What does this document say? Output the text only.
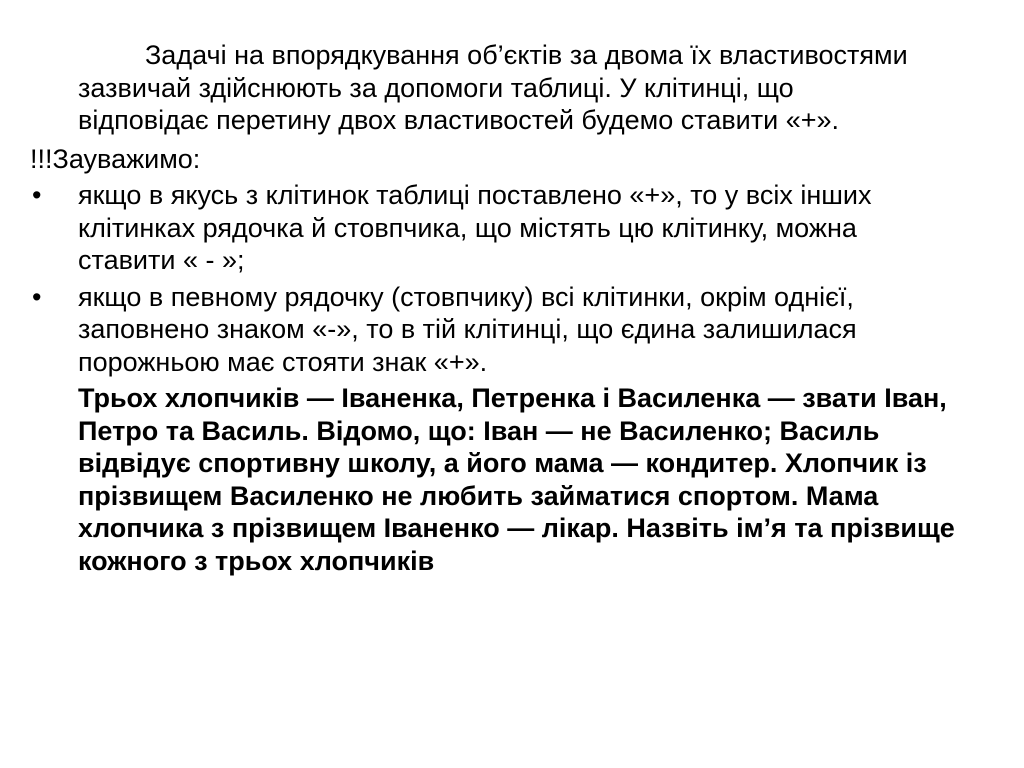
Задачі на впорядкування об’єктів за двома їх властивостями зазвичай здійснюють за допомоги таблиці. У клітинці, що відповідає перетину двох властивостей будемо ставити «+».

!!!Зауважимо:

• якщо в якусь з клітинок таблиці поставлено «+», то у всіх інших клітинках рядочка й стовпчика, що містять цю клітинку, можна ставити « - »;
• якщо в певному рядочку (стовпчику) всі клітинки, окрім однієї, заповнено знаком «-», то в тій клітинці, що єдина залишилася порожньою має стояти знак «+».

Трьох хлопчиків — Іваненка, Петренка і Василенка — звати Іван, Петро та Василь. Відомо, що: Іван — не Василенко; Василь відвідує спортивну школу, а його мама — кондитер. Хлопчик із прізвищем Василенко не любить займатися спортом. Мама хлопчика з прізвищем Іваненко — лікар. Назвіть ім’я та прізвище кожного з трьох хлопчиків
